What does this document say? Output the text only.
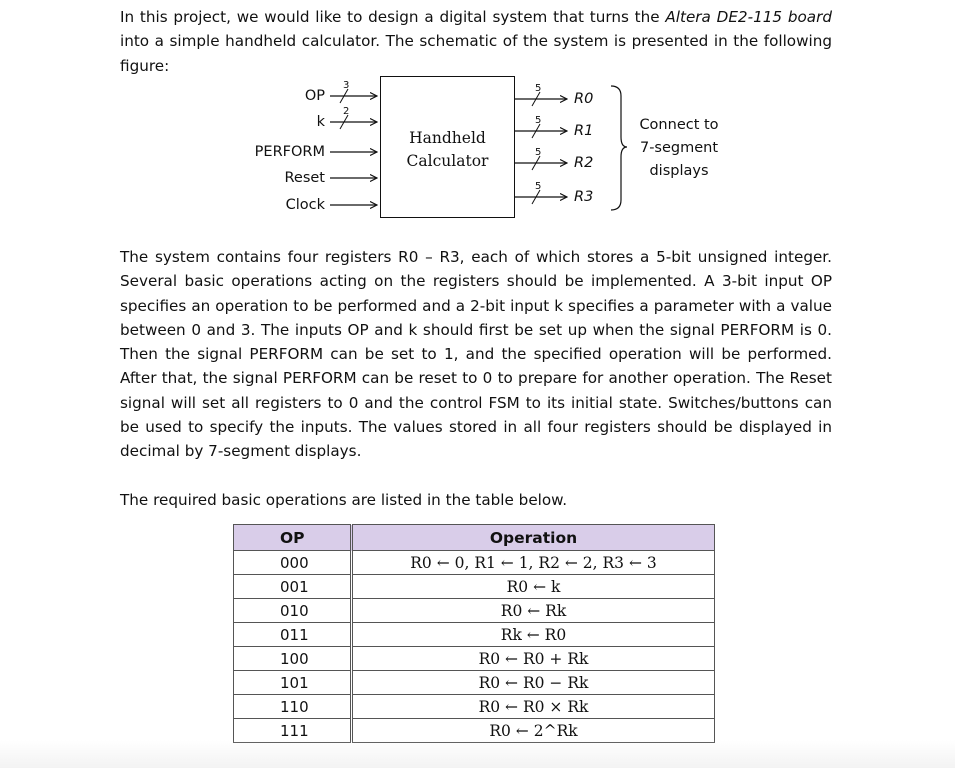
In this project, we would like to design a digital system that turns the Altera DE2-115 board into a simple handheld calculator. The schematic of the system is presented in the following figure:
3
2
5
5
5
5
OP
k
PERFORM
Reset
Clock
Handheld
Calculator
R0
R1
R2
R3
Connect to
7-segment
displays
The system contains four registers R0 – R3, each of which stores a 5-bit unsigned integer. Several basic operations acting on the registers should be implemented. A 3-bit input OP specifies an operation to be performed and a 2-bit input k specifies a parameter with a value between 0 and 3. The inputs OP and k should first be set up when the signal PERFORM is 0. Then the signal PERFORM can be set to 1, and the specified operation will be performed. After that, the signal PERFORM can be reset to 0 to prepare for another operation. The Reset signal will set all registers to 0 and the control FSM to its initial state. Switches/buttons can be used to specify the inputs. The values stored in all four registers should be displayed in decimal by 7-segment displays.
The required basic operations are listed in the table below.
OP	Operation
000	R0 ← 0, R1 ← 1, R2 ← 2, R3 ← 3
001	R0 ← k
010	R0 ← Rk
011	Rk ← R0
100	R0 ← R0 + Rk
101	R0 ← R0 − Rk
110	R0 ← R0 × Rk
111	R0 ← 2^Rk
